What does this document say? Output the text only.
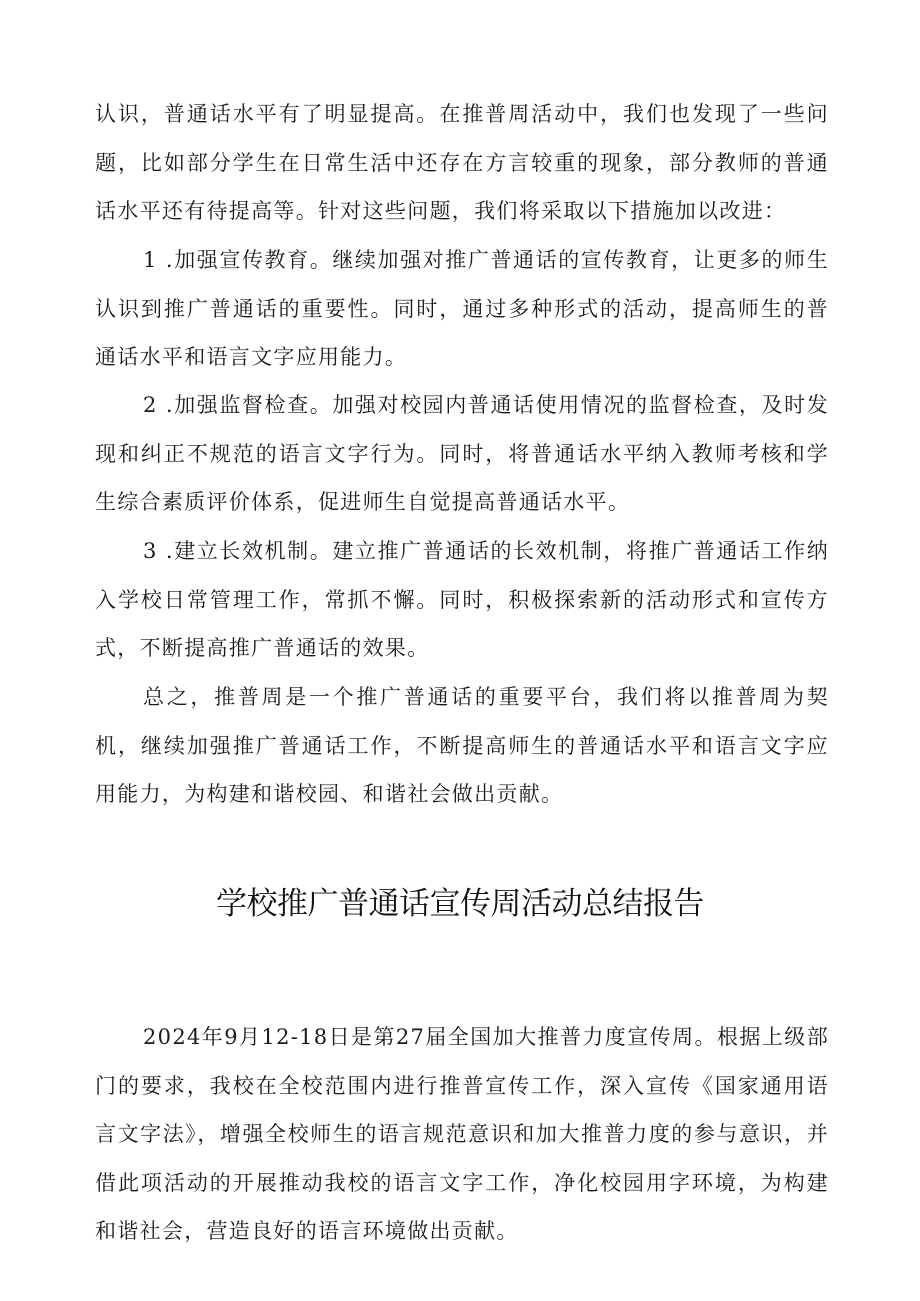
认识，普通话水平有了明显提高。在推普周活动中，我们也发现了一些问题，比如部分学生在日常生活中还存在方言较重的现象，部分教师的普通话水平还有待提高等。针对这些问题，我们将采取以下措施加以改进：

1 .加强宣传教育。继续加强对推广普通话的宣传教育，让更多的师生认识到推广普通话的重要性。同时，通过多种形式的活动，提高师生的普通话水平和语言文字应用能力。

2 .加强监督检查。加强对校园内普通话使用情况的监督检查，及时发现和纠正不规范的语言文字行为。同时，将普通话水平纳入教师考核和学生综合素质评价体系，促进师生自觉提高普通话水平。

3 .建立长效机制。建立推广普通话的长效机制，将推广普通话工作纳入学校日常管理工作，常抓不懈。同时，积极探索新的活动形式和宣传方式，不断提高推广普通话的效果。

总之，推普周是一个推广普通话的重要平台，我们将以推普周为契机，继续加强推广普通话工作，不断提高师生的普通话水平和语言文字应用能力，为构建和谐校园、和谐社会做出贡献。

学校推广普通话宣传周活动总结报告

2024年9月12-18日是第27届全国加大推普力度宣传周。根据上级部门的要求，我校在全校范围内进行推普宣传工作，深入宣传《国家通用语言文字法》，增强全校师生的语言规范意识和加大推普力度的参与意识，并借此项活动的开展推动我校的语言文字工作，净化校园用字环境，为构建和谐社会，营造良好的语言环境做出贡献。
